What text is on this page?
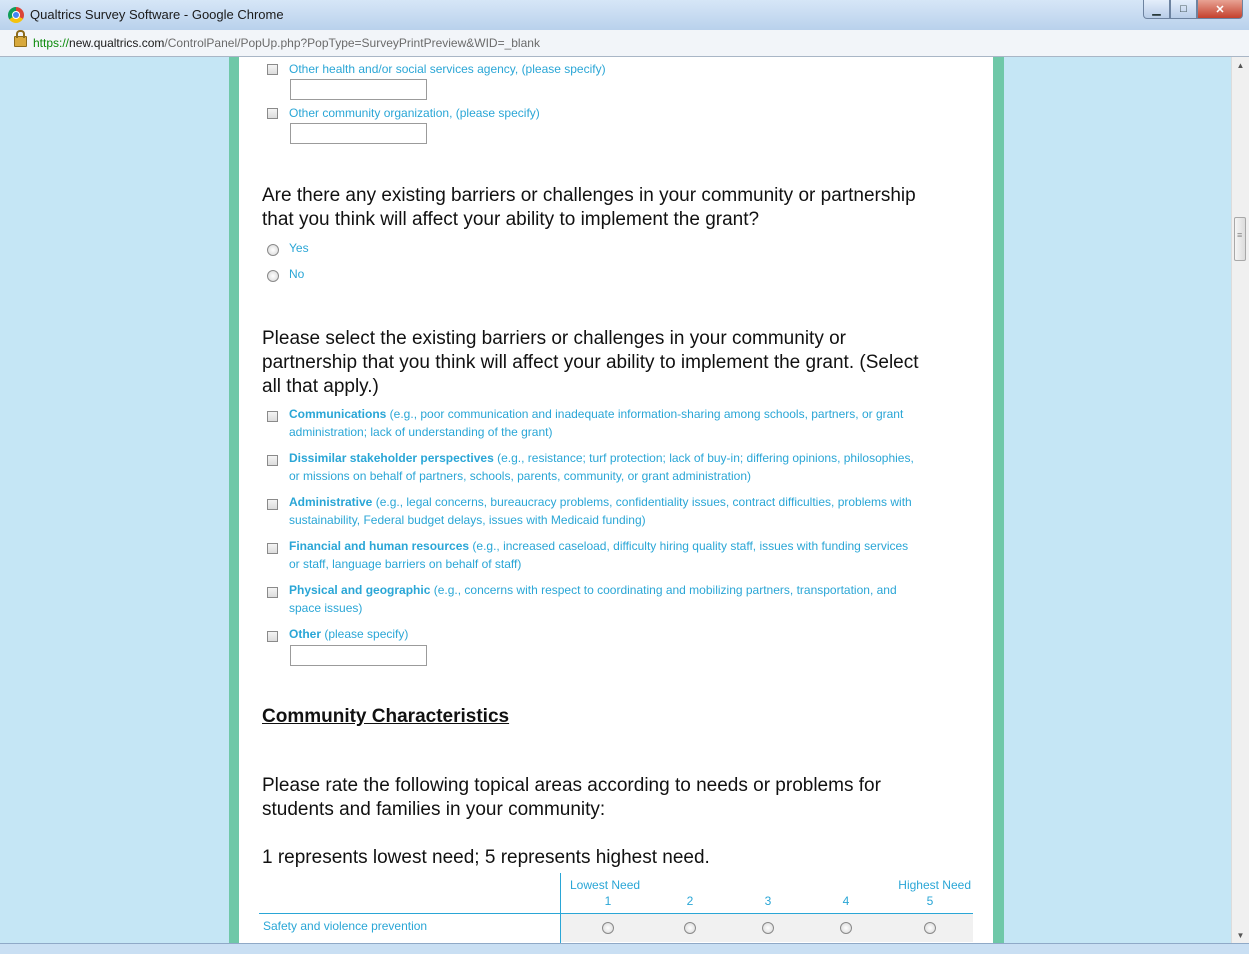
Qualtrics Survey Software - Google Chrome	▁	□	✕
https://new.qualtrics.com/ControlPanel/PopUp.php?PopType=SurveyPrintPreview&WID=_blank
Other health and/or social services agency, (please specify)
Other community organization, (please specify)
Are there any existing barriers or challenges in your community or partnership
that you think will affect your ability to implement the grant?
Yes
No
Please select the existing barriers or challenges in your community or
partnership that you think will affect your ability to implement the grant. (Select
all that apply.)
Communications (e.g., poor communication and inadequate information-sharing among schools, partners, or grant
administration; lack of understanding of the grant)
Dissimilar stakeholder perspectives (e.g., resistance; turf protection; lack of buy-in; differing opinions, philosophies,
or missions on behalf of partners, schools, parents, community, or grant administration)
Administrative (e.g., legal concerns, bureaucracy problems, confidentiality issues, contract difficulties, problems with
sustainability, Federal budget delays, issues with Medicaid funding)
Financial and human resources (e.g., increased caseload, difficulty hiring quality staff, issues with funding services
or staff, language barriers on behalf of staff)
Physical and geographic (e.g., concerns with respect to coordinating and mobilizing partners, transportation, and
space issues)
Other (please specify)
Community Characteristics
Please rate the following topical areas according to needs or problems for
students and families in your community:
1 represents lowest need; 5 represents highest need.
Lowest Need	Highest Need
1	2	3	4	5
Safety and violence prevention
▲
≡
▼
